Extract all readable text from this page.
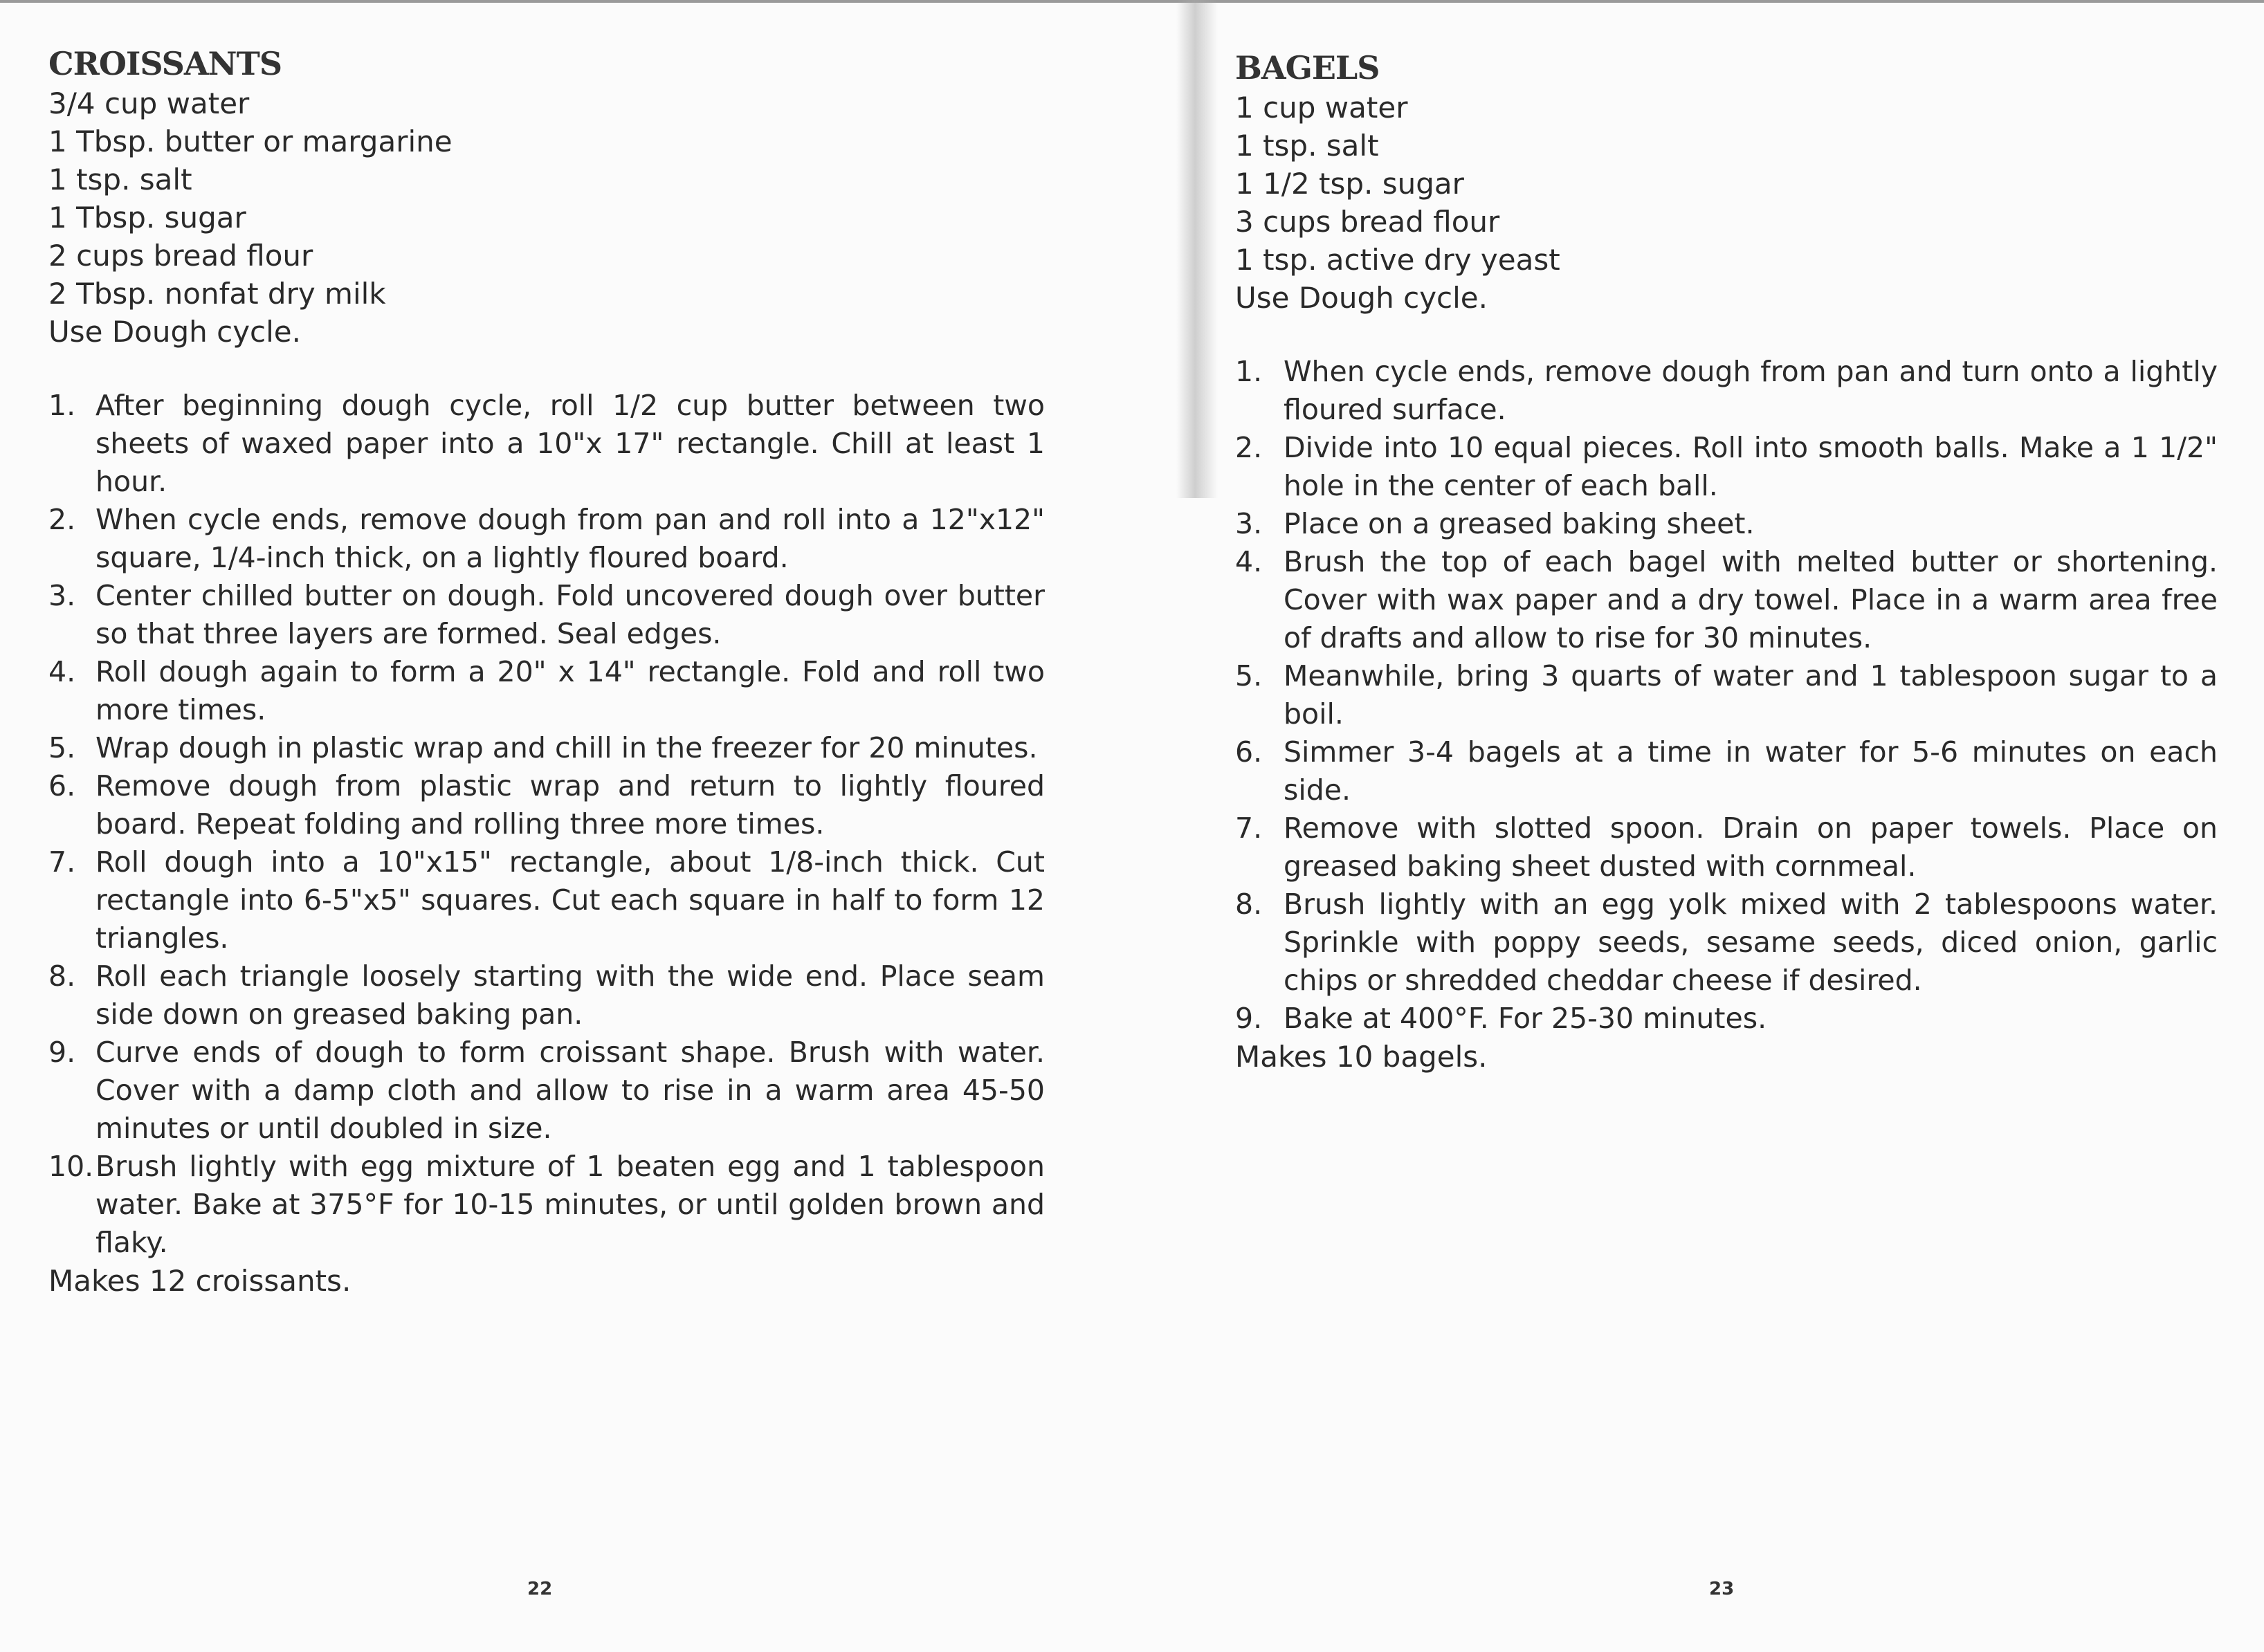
CROISSANTS
3/4 cup water
1 Tbsp. butter or margarine
1 tsp. salt
1 Tbsp. sugar
2 cups bread flour
2 Tbsp. nonfat dry milk
Use Dough cycle.
1. After beginning dough cycle, roll 1/2 cup butter between two sheets of waxed paper into a 10"x 17" rectangle. Chill at least 1 hour.
2. When cycle ends, remove dough from pan and roll into a 12"x12" square, 1/4-inch thick, on a lightly floured board.
3. Center chilled butter on dough. Fold uncovered dough over butter so that three layers are formed. Seal edges.
4. Roll dough again to form a 20" x 14" rectangle. Fold and roll two more times.
5. Wrap dough in plastic wrap and chill in the freezer for 20 minutes.
6. Remove dough from plastic wrap and return to lightly floured board. Repeat folding and rolling three more times.
7. Roll dough into a 10"x15" rectangle, about 1/8-inch thick. Cut rectangle into 6-5"x5" squares. Cut each square in half to form 12 triangles.
8. Roll each triangle loosely starting with the wide end. Place seam side down on greased baking pan.
9. Curve ends of dough to form croissant shape. Brush with water. Cover with a damp cloth and allow to rise in a warm area 45-50 minutes or until doubled in size.
10. Brush lightly with egg mixture of 1 beaten egg and 1 tablespoon water. Bake at 375°F for 10-15 minutes, or until golden brown and flaky.

Makes 12 croissants.

22
BAGELS
1 cup water
1 tsp. salt
1 1/2 tsp. sugar
3 cups bread flour
1 tsp. active dry yeast
Use Dough cycle.
1. When cycle ends, remove dough from pan and turn onto a lightly floured surface.
2. Divide into 10 equal pieces. Roll into smooth balls. Make a 1 1/2" hole in the center of each ball.
3. Place on a greased baking sheet.
4. Brush the top of each bagel with melted butter or shortening. Cover with wax paper and a dry towel. Place in a warm area free of drafts and allow to rise for 30 minutes.
5. Meanwhile, bring 3 quarts of water and 1 tablespoon sugar to a boil.
6. Simmer 3-4 bagels at a time in water for 5-6 minutes on each side.
7. Remove with slotted spoon. Drain on paper towels. Place on greased baking sheet dusted with cornmeal.
8. Brush lightly with an egg yolk mixed with 2 tablespoons water. Sprinkle with poppy seeds, sesame seeds, diced onion, garlic chips or shredded cheddar cheese if desired.
9. Bake at 400°F. For 25-30 minutes.

Makes 10 bagels.

23
